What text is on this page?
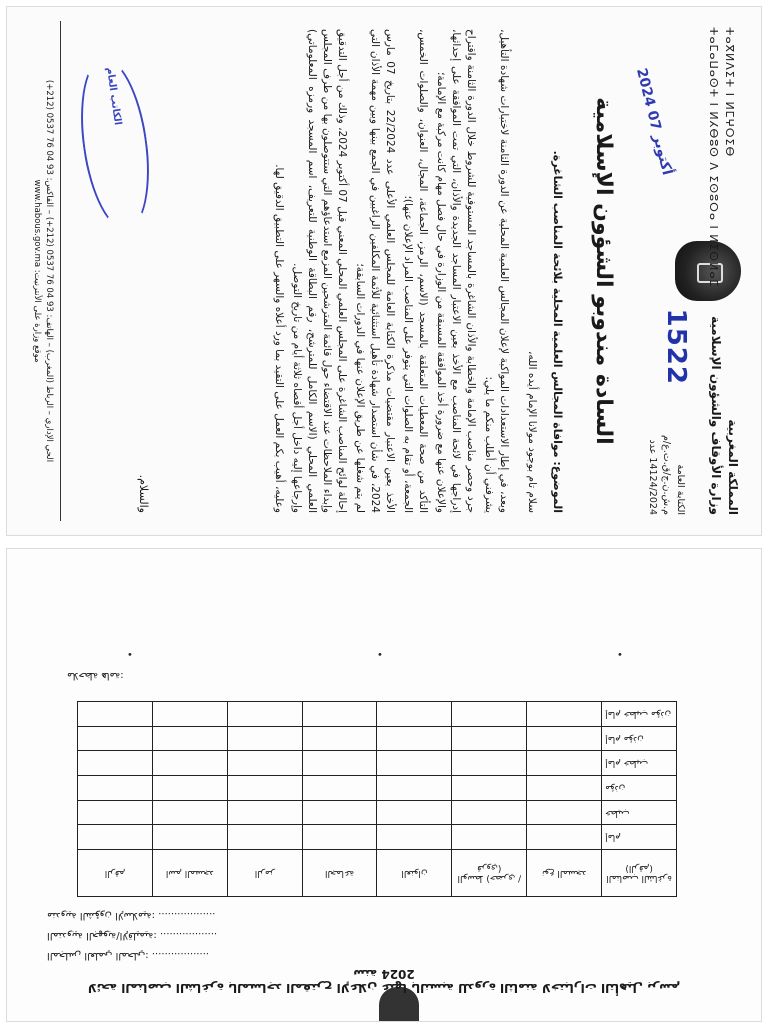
المملكة المغربية
وزارة الأوقاف والشؤون الإسلامية
ⵜⴰⴳⵍⴷⵉⵜ ⵏ ⵍⵎⵖⵔⵉⴱ
ⵜⴰⵎⴰⵡⴰⵙⵜ ⵏ ⵍⵃⴱⵓⵙ ⴷ ⵉⵙⵓⵔⴰ ⵏ ⵍⵉⵙⵍⴰⵎ
الكتابة العامة
م.ش.ن.ج/ق.ت.ع/م
14124/2024 عدد
1522
2024 أكتوبر 07
السادة مندوبو الشؤون الإسلامية
الموضوع: موافاة المجالس العلمية المحلية بلائحة المناصب الشاغرة.
سلام تام بوجود مولانا الإمام أيده الله،

وبعد، في إطار الاستعدادات المواكبة لإعلان المجالس العلمية المحلية عن الدورة الثامنة لاختبارات شهادة التأهيل، يشرفني أن أطلب منكم ما يلي:

جرد وحصر مناصب الإمامة والخطابة والأذان الشاغرة بالمساجد المستوفية للشروط خلال الدورة الثامنة واقتراح إدراجها في لائحة المناصب مع الأخذ بعين الاعتبار المساجد الجديدة والأذان، التي تمت الموافقة على إحداثها، والإعلان عنها مع ضرورة أخذ الموافقة المسبقة من الوزارة في حال فصل مهام كانت مركبة مع الإمامة؛

التأكد من صحة المعطيات المتعلقة بالمسجد (الاسم، الرمز، الجماعة، المجال، العنوان، والصلوات الخمس، الجمعة، أو تقام به الصلوات التي يتوفر على المناصب المراد الإعلان عنها)؛

الأخذ بعين الاعتبار مقتضيات مذكرة الكتابة العامة للمجلس العلمي الأعلى عدد 22/2024 بتاريخ 07 مارس 2024، في شأن استصدار شهادة تأهيل استثنائية للأئمة المكلفين الراغبين في الجمع بينها وبين مهمة الأذان التي لم يتم شغلها عن طريق الإعلان عنها في الدورات السابقة؛

إحالة لوائح المناصب الشاغرة على المجلس العلمي المحلي المعني قبل 07 أكتوبر 2024، وذلك من أجل التدقيق وإبداء الملاحظات عند الاقتضاء حول قائمة المترشحين المزمع استدعاؤهم التي ستتوصلون بها من طرف المجلس العلمي المحلي (الاسم الكامل للمترشح، رقم البطاقة الوطنية للتعريف، اسم المسجد ورمزه المعلوماتي) وإرجاعها إليه داخل أجل أقصاه ثلاثة أيام من تاريخ التوصل.

وعليه، أهيب بكم العمل على التقيد بما ورد أعلاه والسهر على التطبيق الدقيق لها.

والسلام.
الكاتب العام
الحي الإداري – الرباط (المغرب) – الهاتف: 93 04 76 0537 (212+) – الفاكس: 93 04 76 0537 (212+)
موقع وزارة على الأنترنيت: www.habous.gov.ma
لائحة المناصب الشاغرة بالمساجد المقترح الإعلان عنها بالنسبة للدورة الثامنة لاختبارات التأهيل برسم سنة 2024
المجلس العلمي المحلي: ..................
المندوبية الجهوية/الإقليمية: ..................
مندوبية الشؤون الإسلامية: ..................
الرقم	اسم المسجد	الرمز	الجماعة	العنوان	الوسط (حضري / قروي)	نوع المسجد	المناصب الشاغرة (الرقم)
							إمام
							خطيب
							مؤذن
							إمام خطيب
							إمام مؤذن
							إمام خطيب مؤذن
ملاحظة هامة:
•	•	•
